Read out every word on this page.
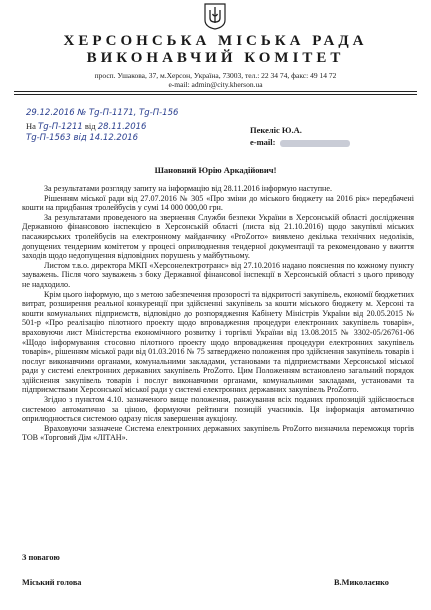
ХЕРСОНСЬКА МІСЬКА РАДА
ВИКОНАВЧИЙ КОМІТЕТ
просп. Ушакова, 37, м.Херсон, Україна, 73003, тел.: 22 34 74, факс: 49 14 72
e-mail: admin@city.kherson.ua
29.12.2016 № Tg-П-1171, Tg-П-156
На Tg-П-1211 від 28.11.2016
Tg-П-1563 від 14.12.2016
Пекеліс Ю.А.
e-mail:
Шановний Юрію Аркадійович!

За результатами розгляду запиту на інформацію від 28.11.2016 інформую наступне.

Рішенням міської ради від 27.07.2016 № 305 «Про зміни до міського бюджету на 2016 рік» передбачені кошти на придбання тролейбусів у сумі 14 000 000,00 грн.

За результатами проведеного на звернення Служби безпеки України в Херсонській області дослідження Державною фінансовою інспекцією в Херсонській області (листа від 21.10.2016) щодо закупівлі міських пасажирських тролейбусів на електронному майданчику «ProZorro» виявлено декілька технічних недоліків, допущених тендерним комітетом у процесі оприлюднення тендерної документації та рекомендовано у вжиття заходів щодо недопущення відповідних порушень у майбутньому.

Листом т.в.о. директора МКП «Херсонелектротранс» від 27.10.2016 надано пояснення по кожному пункту зауважень. Після чого зауважень з боку Державної фінансової інспекції в Херсонській області з цього приводу не надходило.

Крім цього інформую, що з метою забезпечення прозорості та відкритості закупівель, економії бюджетних витрат, розширення реальної конкуренції при здійсненні закупівель за кошти міського бюджету м. Херсоні та кошти комунальних підприємств, відповідно до розпорядження Кабінету Міністрів України від 20.05.2015 № 501-р «Про реалізацію пілотного проекту щодо впровадження процедури електронних закупівель товарів», враховуючи лист Міністерства економічного розвитку і торгівлі України від 13.08.2015 № 3302-05/26761-06 «Щодо інформування стосовно пілотного проекту щодо впровадження процедури електронних закупівель товарів», рішенням міської ради від 01.03.2016 № 75 затверджено положення про здійснення закупівель товарів і послуг виконавчими органами, комунальними закладами, установами та підприємствами Херсонської міської ради у системі електронних державних закупівель ProZorro. Цим Положенням встановлено загальний порядок здійснення закупівель товарів і послуг виконавчими органами, комунальними закладами, установами та підприємствами Херсонської міської ради у системі електронних державних закупівель ProZorro.

Згідно з пунктом 4.10. зазначеного вище положення, ранжування всіх поданих пропозицій здійснюється системою автоматично за ціною, формуючи рейтинги позицій учасників. Ця інформація автоматично оприлюднюється системою одразу після завершення аукціону.

Враховуючи зазначене Система електронних державних закупівель ProZorro визначила переможця торгів ТОВ «Торговий Дім «ЛІТАН».

З повагою
Міський голова	В.Миколаєнко
